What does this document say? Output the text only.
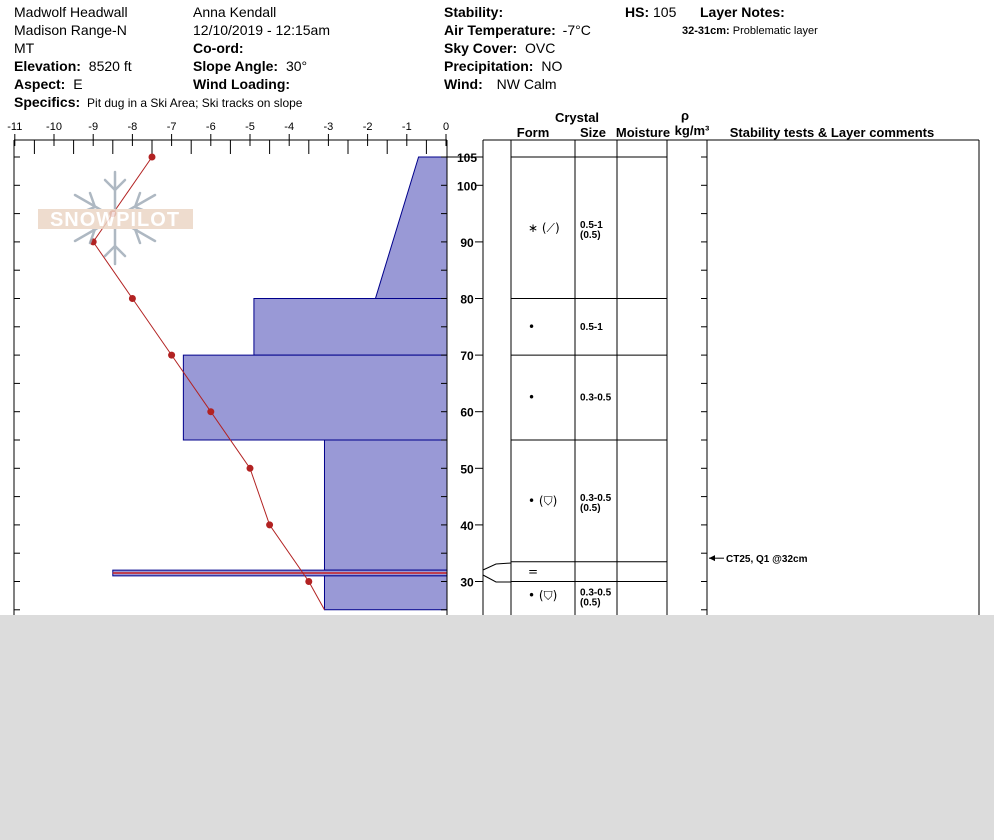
Madwolf Headwall
Madison Range-N
MT
Elevation: 8520 ft
Aspect: E
Specifics: Pit dug in a Ski Area; Ski tracks on slope
Anna Kendall
12/10/2019 - 12:15am
Co-ord:
Slope Angle: 30°
Wind Loading:
Stability:
Air Temperature: -7°C
Sky Cover: OVC
Precipitation: NO
Wind: NW Calm
HS: 105 Layer Notes:
32-31cm: Problematic layer
-11 -10 -9	-8	-7	-6	-5	-4	-3	-2	-1	0
105
100
90
80
70
60
50
40
30
SNOWPILOT	∗ (⟋) 0.5-1
(0.5)
•	0.5-1
•	0.3-0.5
• (⛉) 0.3-0.5
(0.5)
=
• (⛉) 0.3-0.5
(0.5)
Crystal
Form Size Moisture
ρ
kg/m³ Stability tests & Layer comments
CT25, Q1 @32cm
